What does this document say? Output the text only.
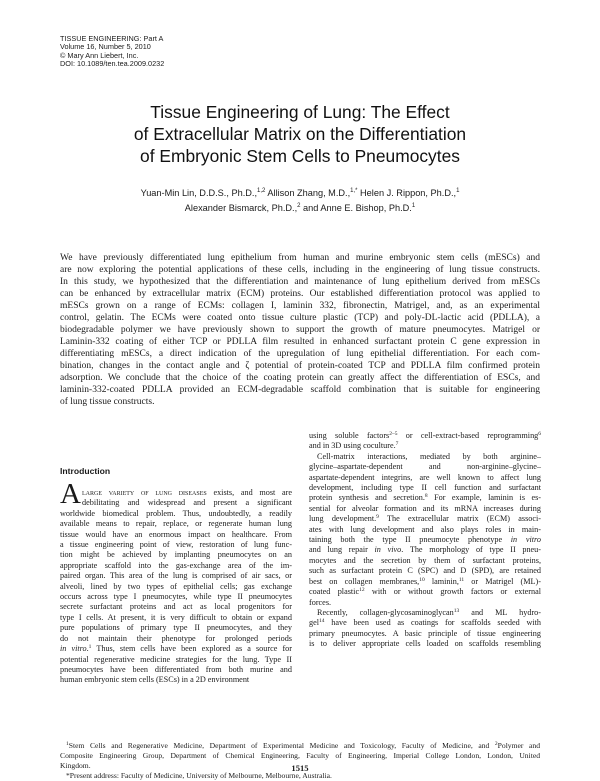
TISSUE ENGINEERING: Part A
Volume 16, Number 5, 2010
© Mary Ann Liebert, Inc.
DOI: 10.1089/ten.tea.2009.0232
Tissue Engineering of Lung: The Effect
of Extracellular Matrix on the Differentiation
of Embryonic Stem Cells to Pneumocytes
Yuan-Min Lin, D.D.S., Ph.D.,$^{1,2}$ Allison Zhang, M.D.,$^{1,*}$ Helen J. Rippon, Ph.D.,$^1$
Alexander Bismarck, Ph.D.,$^2$ and Anne E. Bishop, Ph.D.$^1$
We have previously differentiated lung epithelium from human and murine embryonic stem cells (mESCs) and
are now exploring the potential applications of these cells, including in the engineering of lung tissue constructs.
In this study, we hypothesized that the differentiation and maintenance of lung epithelium derived from mESCs
can be enhanced by extracellular matrix (ECM) proteins. Our established differentiation protocol was applied to
mESCs grown on a range of ECMs: collagen I, laminin 332, fibronectin, Matrigel, and, as an experimental
control, gelatin. The ECMs were coated onto tissue culture plastic (TCP) and poly-DL-lactic acid (PDLLA), a
biodegradable polymer we have previously shown to support the growth of mature pneumocytes. Matrigel or
Laminin-332 coating of either TCP or PDLLA film resulted in enhanced surfactant protein C gene expression in
differentiating mESCs, a direct indication of the upregulation of lung epithelial differentiation. For each com-
bination, changes in the contact angle and ζ potential of protein-coated TCP and PDLLA film confirmed protein
adsorption. We conclude that the choice of the coating protein can greatly affect the differentiation of ESCs, and
laminin-332-coated PDLLA provided an ECM-degradable scaffold combination that is suitable for engineering
of lung tissue constructs.
Introduction
A large variety of lung diseases exists, and most are
debilitating and widespread and present a significant
worldwide biomedical problem. Thus, undoubtedly, a readily
available means to repair, replace, or regenerate human lung
tissue would have an enormous impact on healthcare. From
a tissue engineering point of view, restoration of lung func-
tion might be achieved by implanting pneumocytes on an
appropriate scaffold into the gas-exchange area of the im-
paired organ. This area of the lung is comprised of air sacs, or
alveoli, lined by two types of epithelial cells; gas exchange
occurs across type I pneumocytes, while type II pneumocytes
secrete surfactant proteins and act as local progenitors for
type I cells. At present, it is very difficult to obtain or expand
pure populations of primary type II pneumocytes, and they
do not maintain their phenotype for prolonged periods
in vitro.$^1$ Thus, stem cells have been explored as a source for
potential regenerative medicine strategies for the lung. Type II
pneumocytes have been differentiated from both murine and
human embryonic stem cells (ESCs) in a 2D environment
using soluble factors$^{2-5}$ or cell-extract-based reprogramming$^6$
and in 3D using coculture.$^7$
Cell-matrix interactions, mediated by both arginine–
glycine–aspartate-dependent and non-arginine–glycine–
aspartate-dependent integrins, are well known to affect lung
development, including type II cell function and surfactant
protein synthesis and secretion.$^8$ For example, laminin is es-
sential for alveolar formation and its mRNA increases during
lung development.$^9$ The extracellular matrix (ECM) associ-
ates with lung development and also plays roles in main-
taining both the type II pneumocyte phenotype in vitro
and lung repair in vivo. The morphology of type II pneu-
mocytes and the secretion by them of surfactant proteins,
such as surfactant protein C (SPC) and D (SPD), are retained
best on collagen membranes,$^{10}$ laminin,$^{11}$ or Matrigel (ML)-
coated plastic$^{12}$ with or without growth factors or external
forces.
Recently, collagen-glycosaminoglycan$^{13}$ and ML hydro-
gel$^{14}$ have been used as coatings for scaffolds seeded with
primary pneumocytes. A basic principle of tissue engineering
is to deliver appropriate cells loaded on scaffolds resembling
$^1$Stem Cells and Regenerative Medicine, Department of Experimental Medicine and Toxicology, Faculty of Medicine, and $^2$Polymer and
Composite Engineering Group, Department of Chemical Engineering, Faculty of Engineering, Imperial College London, London, United
Kingdom.
*Present address: Faculty of Medicine, University of Melbourne, Melbourne, Australia.
1515
